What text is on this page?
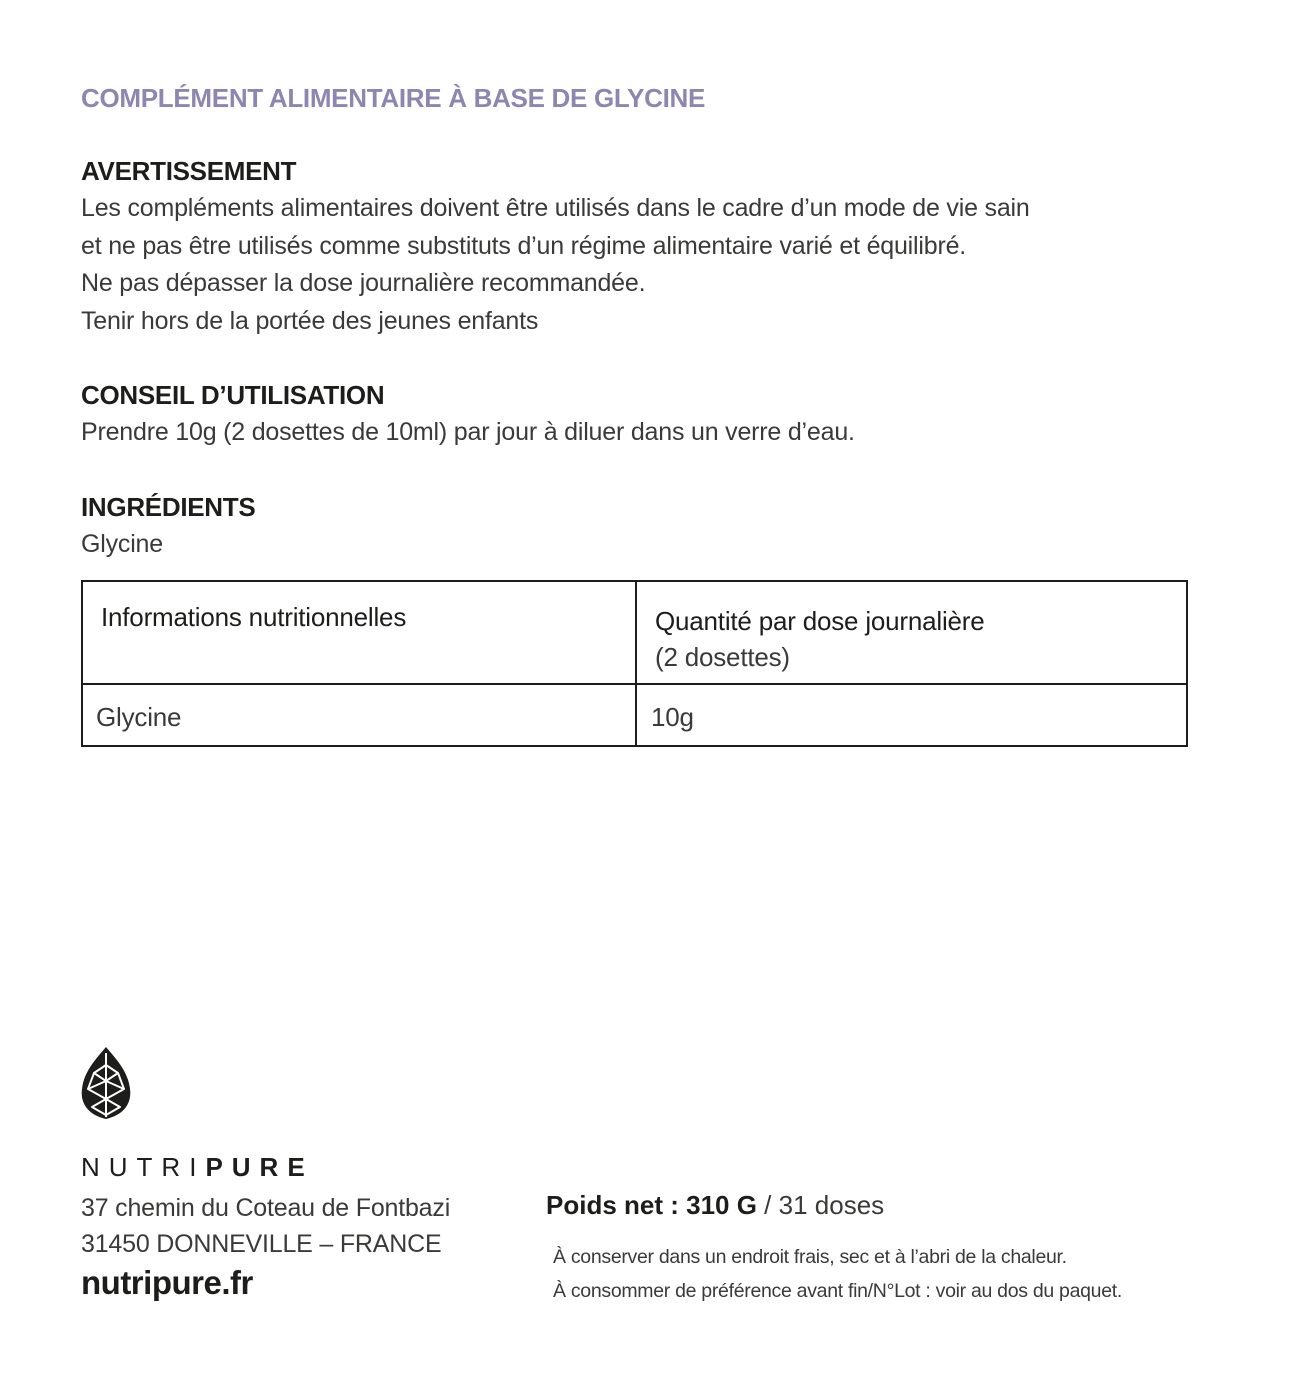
COMPLÉMENT ALIMENTAIRE À BASE DE GLYCINE
AVERTISSEMENT

Les compléments alimentaires doivent être utilisés dans le cadre d’un mode de vie sain
et ne pas être utilisés comme substituts d’un régime alimentaire varié et équilibré.
Ne pas dépasser la dose journalière recommandée.
Tenir hors de la portée des jeunes enfants

CONSEIL D’UTILISATION

Prendre 10g (2 dosettes de 10ml) par jour à diluer dans un verre d’eau.

INGRÉDIENTS

Glycine

Informations nutritionnelles	Quantité par dose journalière
(2 dosettes)
Glycine	10g
NUTRIPURE
37 chemin du Coteau de Fontbazi
31450 DONNEVILLE – FRANCE
nutripure.fr
Poids net : 310 G / 31 doses
À conserver dans un endroit frais, sec et à l’abri de la chaleur.
À consommer de préférence avant fin/N°Lot : voir au dos du paquet.
